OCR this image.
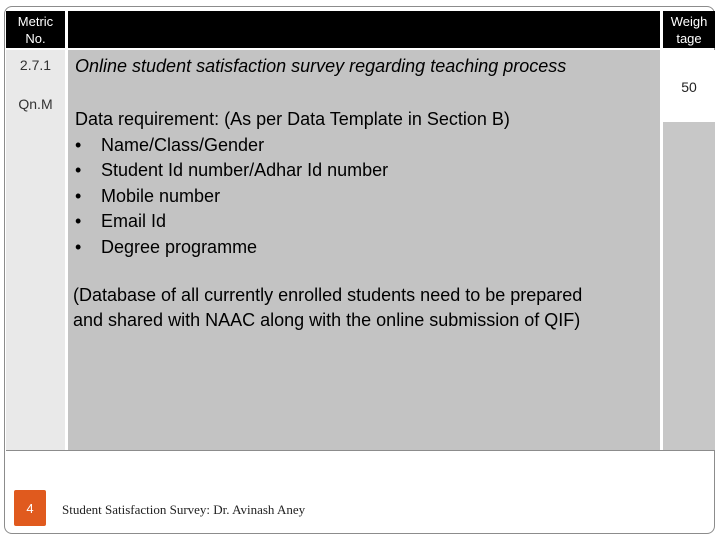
Metric No.
Weigh tage
2.7.1
Qn.M
50
Online student satisfaction survey regarding teaching process
Data requirement: (As per Data Template in Section B)
• Name/Class/Gender
• Student Id number/Adhar Id number
• Mobile number
• Email Id
• Degree programme
(Database of all currently enrolled students need to be prepared and shared with NAAC along with the online submission of QIF)
4	Student Satisfaction Survey: Dr. Avinash Aney
